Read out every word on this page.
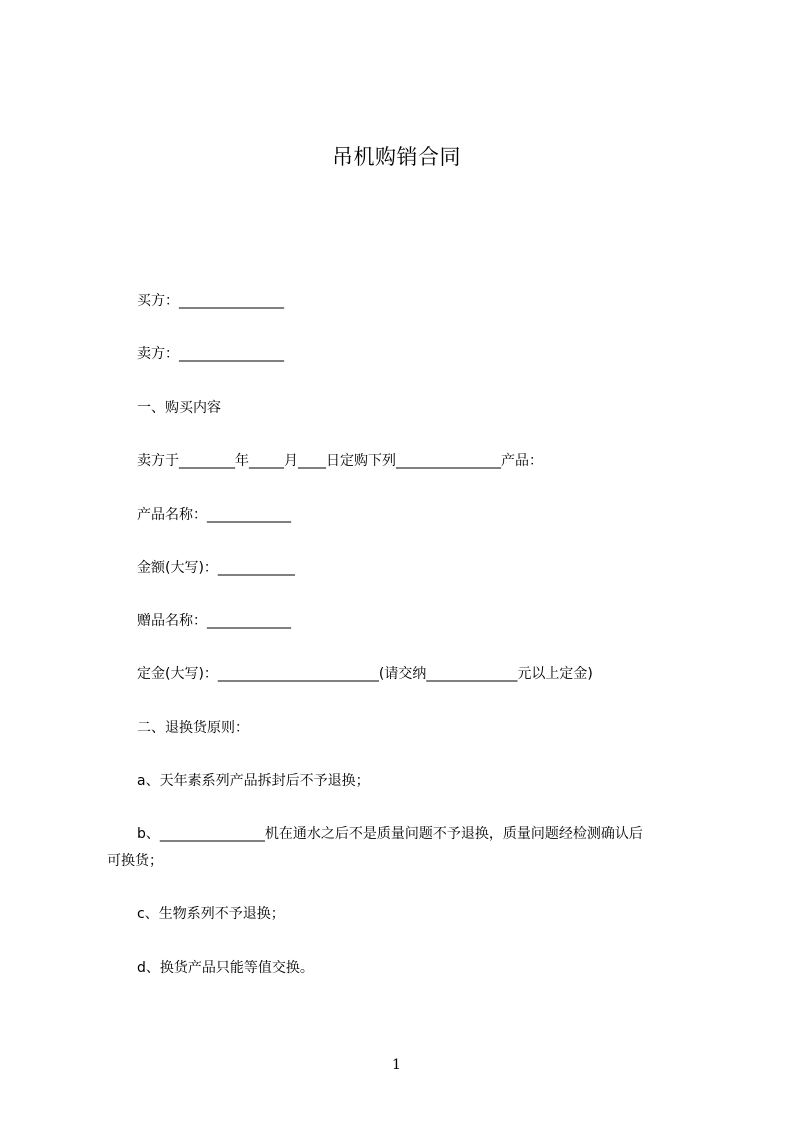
吊机购销合同
买方：_______________
卖方：_______________
一、购买内容
卖方于________年_____月____日定购下列_______________产品：
产品名称：____________
金额(大写)：___________
赠品名称：____________
定金(大写)：_______________________(请交纳_____________元以上定金)
二、退换货原则：
a、天年素系列产品拆封后不予退换；
b、_______________机在通水之后不是质量问题不予退换，质量问题经检测确认后
可换货；
c、生物系列不予退换；
d、换货产品只能等值交换。
1
